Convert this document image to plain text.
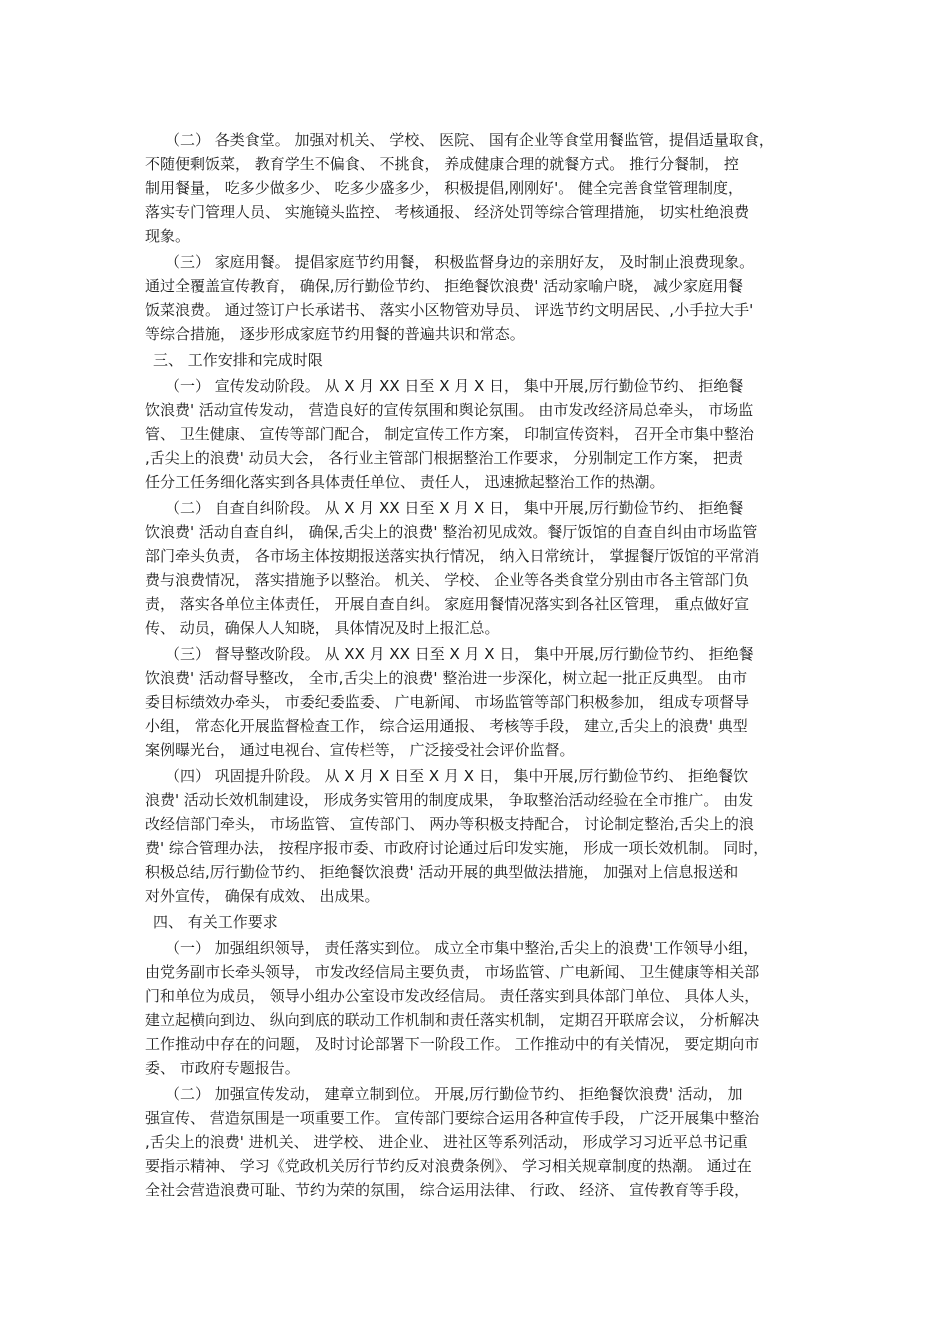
（二） 各类食堂。 加强对机关、 学校、 医院、 国有企业等食堂用餐监管，提倡适量取食，
不随便剩饭菜， 教育学生不偏食、 不挑食， 养成健康合理的就餐方式。 推行分餐制， 控
制用餐量， 吃多少做多少、 吃多少盛多少， 积极提倡,刚刚好'。 健全完善食堂管理制度，
落实专门管理人员、 实施镜头监控、 考核通报、 经济处罚等综合管理措施， 切实杜绝浪费
现象。
（三） 家庭用餐。 提倡家庭节约用餐， 积极监督身边的亲朋好友， 及时制止浪费现象。
通过全覆盖宣传教育， 确保,厉行勤俭节约、 拒绝餐饮浪费' 活动家喻户晓， 减少家庭用餐
饭菜浪费。 通过签订户长承诺书、 落实小区物管劝导员、 评选节约文明居民、,小手拉大手'
等综合措施， 逐步形成家庭节约用餐的普遍共识和常态。
三、 工作安排和完成时限
（一） 宣传发动阶段。 从 X 月 XX 日至 X 月 X 日， 集中开展,厉行勤俭节约、 拒绝餐
饮浪费' 活动宣传发动， 营造良好的宣传氛围和舆论氛围。 由市发改经济局总牵头， 市场监
管、 卫生健康、 宣传等部门配合， 制定宣传工作方案， 印制宣传资料， 召开全市集中整治
,舌尖上的浪费' 动员大会， 各行业主管部门根据整治工作要求， 分别制定工作方案， 把责
任分工任务细化落实到各具体责任单位、 责任人， 迅速掀起整治工作的热潮。
（二） 自查自纠阶段。 从 X 月 XX 日至 X 月 X 日， 集中开展,厉行勤俭节约、 拒绝餐
饮浪费' 活动自查自纠， 确保,舌尖上的浪费' 整治初见成效。餐厅饭馆的自查自纠由市场监管
部门牵头负责， 各市场主体按期报送落实执行情况， 纳入日常统计， 掌握餐厅饭馆的平常消
费与浪费情况， 落实措施予以整治。 机关、 学校、 企业等各类食堂分别由市各主管部门负
责， 落实各单位主体责任， 开展自查自纠。 家庭用餐情况落实到各社区管理， 重点做好宣
传、 动员，确保人人知晓， 具体情况及时上报汇总。
（三） 督导整改阶段。 从 XX 月 XX 日至 X 月 X 日， 集中开展,厉行勤俭节约、 拒绝餐
饮浪费' 活动督导整改， 全市,舌尖上的浪费' 整治进一步深化，树立起一批正反典型。 由市
委目标绩效办牵头， 市委纪委监委、 广电新闻、 市场监管等部门积极参加， 组成专项督导
小组， 常态化开展监督检查工作， 综合运用通报、 考核等手段， 建立,舌尖上的浪费' 典型
案例曝光台， 通过电视台、宣传栏等， 广泛接受社会评价监督。
（四） 巩固提升阶段。 从 X 月 X 日至 X 月 X 日， 集中开展,厉行勤俭节约、 拒绝餐饮
浪费' 活动长效机制建设， 形成务实管用的制度成果， 争取整治活动经验在全市推广。 由发
改经信部门牵头， 市场监管、 宣传部门、 两办等积极支持配合， 讨论制定整治,舌尖上的浪
费' 综合管理办法， 按程序报市委、市政府讨论通过后印发实施， 形成一项长效机制。 同时，
积极总结,厉行勤俭节约、 拒绝餐饮浪费' 活动开展的典型做法措施， 加强对上信息报送和
对外宣传， 确保有成效、 出成果。
四、 有关工作要求
（一） 加强组织领导， 责任落实到位。 成立全市集中整治,舌尖上的浪费'工作领导小组，
由党务副市长牵头领导， 市发改经信局主要负责， 市场监管、广电新闻、 卫生健康等相关部
门和单位为成员， 领导小组办公室设市发改经信局。 责任落实到具体部门单位、 具体人头，
建立起横向到边、 纵向到底的联动工作机制和责任落实机制， 定期召开联席会议， 分析解决
工作推动中存在的问题， 及时讨论部署下一阶段工作。 工作推动中的有关情况， 要定期向市
委、 市政府专题报告。
（二） 加强宣传发动， 建章立制到位。 开展,厉行勤俭节约、 拒绝餐饮浪费' 活动， 加
强宣传、 营造氛围是一项重要工作。 宣传部门要综合运用各种宣传手段， 广泛开展集中整治
,舌尖上的浪费' 进机关、 进学校、 进企业、 进社区等系列活动， 形成学习习近平总书记重
要指示精神、 学习《党政机关厉行节约反对浪费条例》、 学习相关规章制度的热潮。 通过在
全社会营造浪费可耻、节约为荣的氛围， 综合运用法律、 行政、 经济、 宣传教育等手段，
